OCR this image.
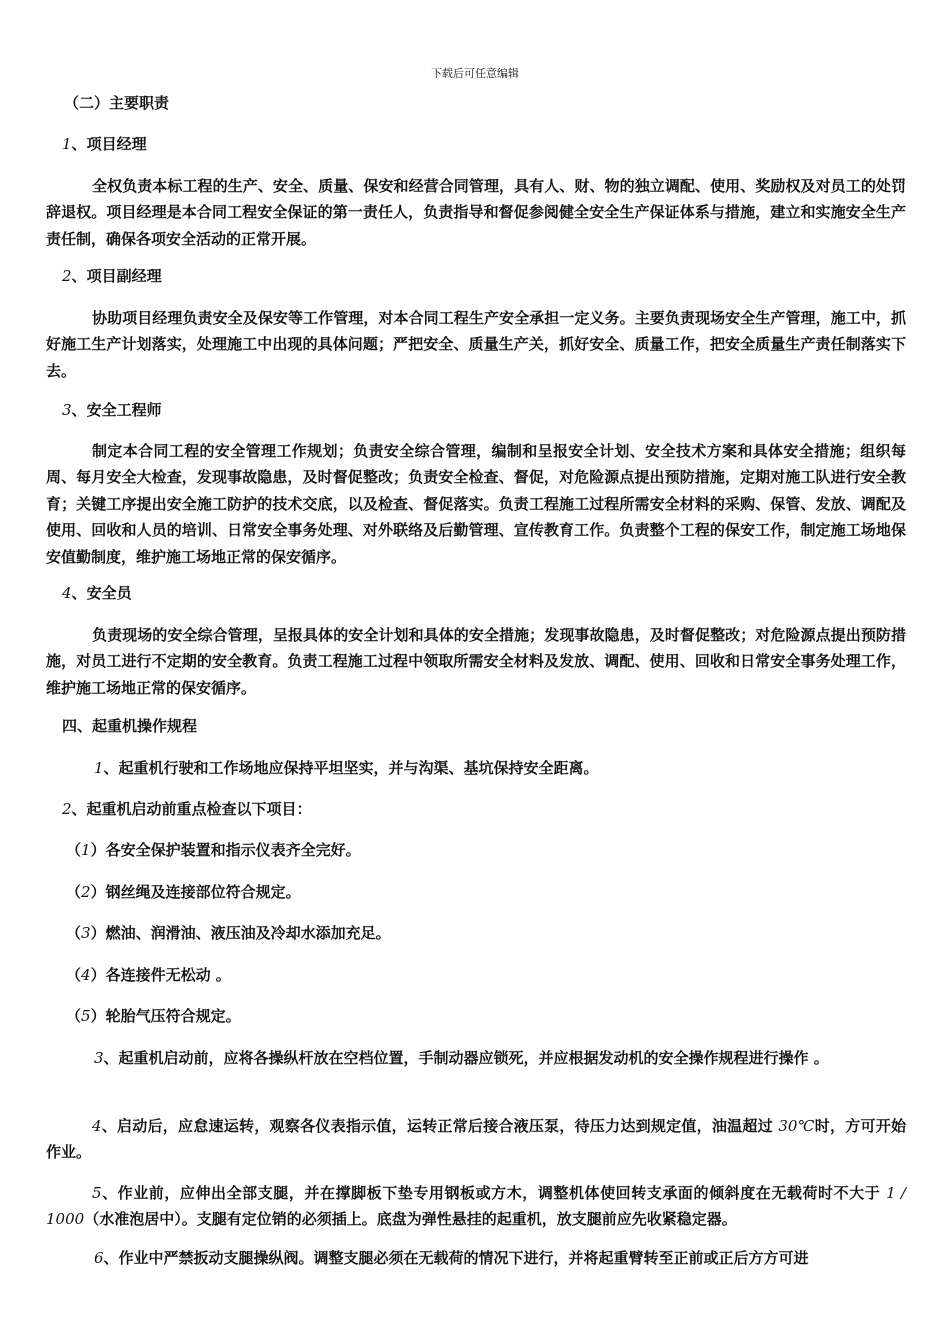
下载后可任意编辑
（二）主要职责
1、项目经理
全权负责本标工程的生产、安全、质量、保安和经营合同管理，具有人、财、物的独立调配、使用、奖励权及对员工的处罚辞退权。项目经理是本合同工程安全保证的第一责任人，负责指导和督促参阅健全安全生产保证体系与措施，建立和实施安全生产责任制，确保各项安全活动的正常开展。
2、项目副经理
协助项目经理负责安全及保安等工作管理，对本合同工程生产安全承担一定义务。主要负责现场安全生产管理，施工中，抓好施工生产计划落实，处理施工中出现的具体问题；严把安全、质量生产关，抓好安全、质量工作，把安全质量生产责任制落实下去。
3、安全工程师
制定本合同工程的安全管理工作规划；负责安全综合管理，编制和呈报安全计划、安全技术方案和具体安全措施；组织每周、每月安全大检查，发现事故隐患，及时督促整改；负责安全检查、督促，对危险源点提出预防措施，定期对施工队进行安全教育；关键工序提出安全施工防护的技术交底，以及检查、督促落实。负责工程施工过程所需安全材料的采购、保管、发放、调配及使用、回收和人员的培训、日常安全事务处理、对外联络及后勤管理、宣传教育工作。负责整个工程的保安工作，制定施工场地保安值勤制度，维护施工场地正常的保安循序。
4、安全员
负责现场的安全综合管理，呈报具体的安全计划和具体的安全措施；发现事故隐患，及时督促整改；对危险源点提出预防措施，对员工进行不定期的安全教育。负责工程施工过程中领取所需安全材料及发放、调配、使用、回收和日常安全事务处理工作，维护施工场地正常的保安循序。
四、起重机操作规程
1、起重机行驶和工作场地应保持平坦坚实，并与沟渠、基坑保持安全距离。
2、起重机启动前重点检查以下项目：
（1）各安全保护装置和指示仪表齐全完好。
（2）钢丝绳及连接部位符合规定。
（3）燃油、润滑油、液压油及冷却水添加充足。
（4）各连接件无松动 。
（5）轮胎气压符合规定。
3、起重机启动前，应将各操纵杆放在空档位置，手制动器应锁死，并应根据发动机的安全操作规程进行操作 。
4、启动后，应怠速运转，观察各仪表指示值，运转正常后接合液压泵，待压力达到规定值，油温超过 30℃时，方可开始作业。
5、作业前，应伸出全部支腿，并在撑脚板下垫专用钢板或方木，调整机体使回转支承面的倾斜度在无载荷时不大于 1 / 1000（水准泡居中）。支腿有定位销的必须插上。底盘为弹性悬挂的起重机，放支腿前应先收紧稳定器。
6、作业中严禁扳动支腿操纵阀。调整支腿必须在无载荷的情况下进行，并将起重臂转至正前或正后方方可进
